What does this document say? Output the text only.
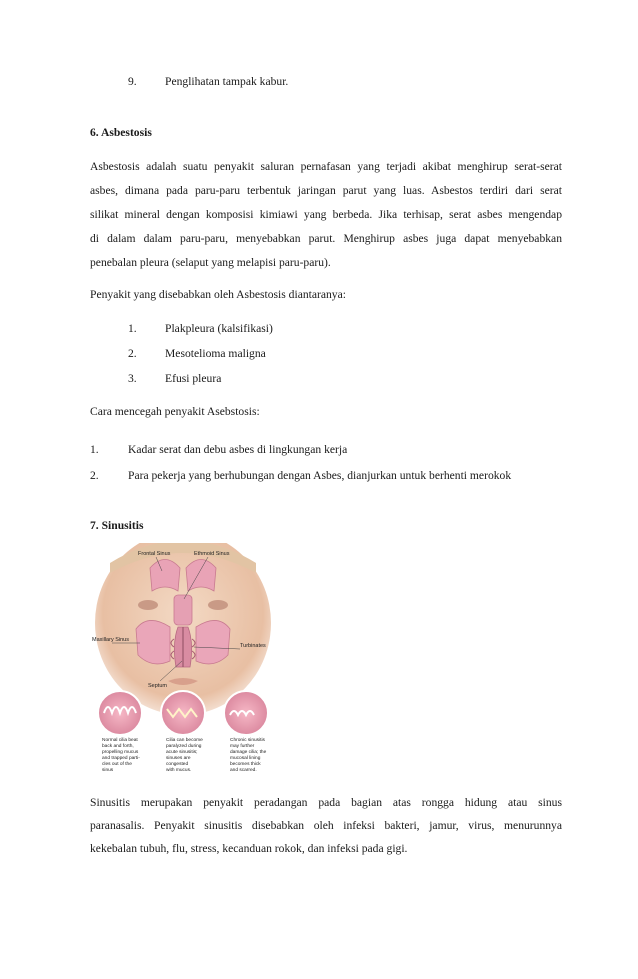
9. Penglihatan tampak kabur.
6. Asbestosis
Asbestosis adalah suatu penyakit saluran pernafasan yang terjadi akibat menghirup serat-serat
asbes, dimana pada paru-paru terbentuk jaringan parut yang luas. Asbestos terdiri dari serat
silikat mineral dengan komposisi kimiawi yang berbeda. Jika terhisap, serat asbes mengendap
di dalam dalam paru-paru, menyebabkan parut. Menghirup asbes juga dapat menyebabkan
penebalan pleura (selaput yang melapisi paru-paru).
Penyakit yang disebabkan oleh Asbestosis diantaranya:
1. Plakpleura (kalsifikasi)
2. Mesotelioma maligna
3. Efusi pleura
Cara mencegah penyakit Asebstosis:
1.	Kadar serat dan debu asbes di lingkungan kerja
2.	Para pekerja yang berhubungan dengan Asbes, dianjurkan untuk berhenti merokok
7. Sinusitis
Frontal Sinus	Ethmoid Sinus
Maxillary Sinus
Turbinates
Septum
Normal cilia beat
back and forth,
propelling mucus
and trapped parti-
cles out of the
sinus
Cilia can become
paralyzed during
acute sinusitis;
sinuses are
congested
with mucus.
Chronic sinusitis
may further
damage cilia; the
mucosal lining
becomes thick
and scarred.
Sinusitis merupakan penyakit peradangan pada bagian atas rongga hidung atau sinus
paranasalis. Penyakit sinusitis disebabkan oleh infeksi bakteri, jamur, virus, menurunnya
kekebalan tubuh, flu, stress, kecanduan rokok, dan infeksi pada gigi.
